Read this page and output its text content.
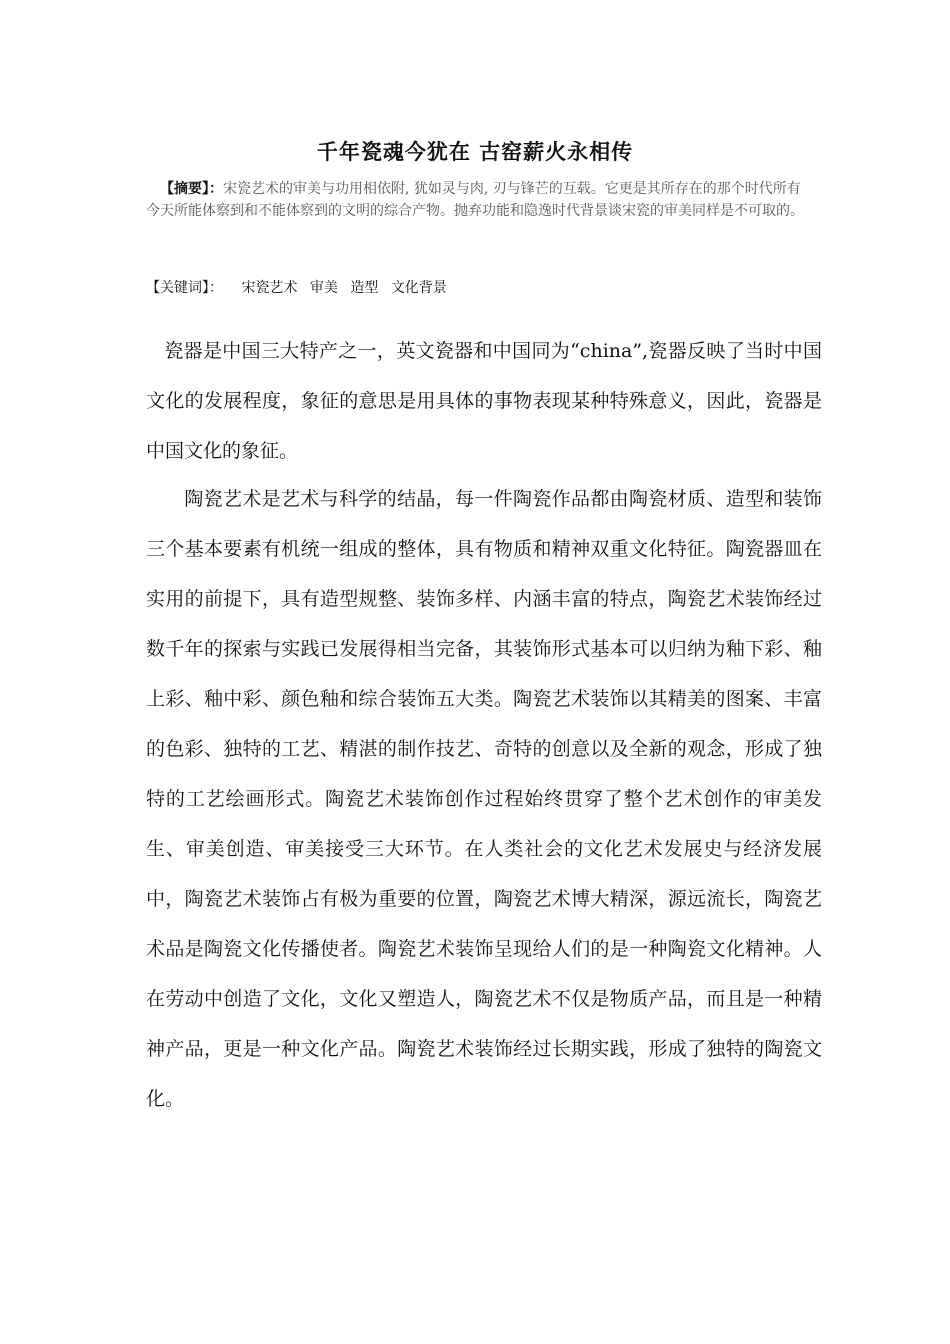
千年瓷魂今犹在 古窑薪火永相传
【摘要】：宋瓷艺术的审美与功用相依附, 犹如灵与肉, 刃与锋芒的互载。它更是其所存在的那个时代所有今天所能体察到和不能体察到的文明的综合产物。抛弃功能和隐逸时代背景谈宋瓷的审美同样是不可取的。
【关键词】： 宋瓷艺术 审美 造型 文化背景
瓷器是中国三大特产之一，英文瓷器和中国同为“china”,瓷器反映了当时中国文化的发展程度，象征的意思是用具体的事物表现某种特殊意义，因此，瓷器是中国文化的象征。
陶瓷艺术是艺术与科学的结晶，每一件陶瓷作品都由陶瓷材质、造型和装饰三个基本要素有机统一组成的整体，具有物质和精神双重文化特征。陶瓷器皿在实用的前提下，具有造型规整、装饰多样、内涵丰富的特点，陶瓷艺术装饰经过数千年的探索与实践已发展得相当完备，其装饰形式基本可以归纳为釉下彩、釉上彩、釉中彩、颜色釉和综合装饰五大类。陶瓷艺术装饰以其精美的图案、丰富的色彩、独特的工艺、精湛的制作技艺、奇特的创意以及全新的观念，形成了独特的工艺绘画形式。陶瓷艺术装饰创作过程始终贯穿了整个艺术创作的审美发生、审美创造、审美接受三大环节。在人类社会的文化艺术发展史与经济发展中，陶瓷艺术装饰占有极为重要的位置，陶瓷艺术博大精深，源远流长，陶瓷艺术品是陶瓷文化传播使者。陶瓷艺术装饰呈现给人们的是一种陶瓷文化精神。人在劳动中创造了文化，文化又塑造人，陶瓷艺术不仅是物质产品，而且是一种精神产品，更是一种文化产品。陶瓷艺术装饰经过长期实践，形成了独特的陶瓷文化。
